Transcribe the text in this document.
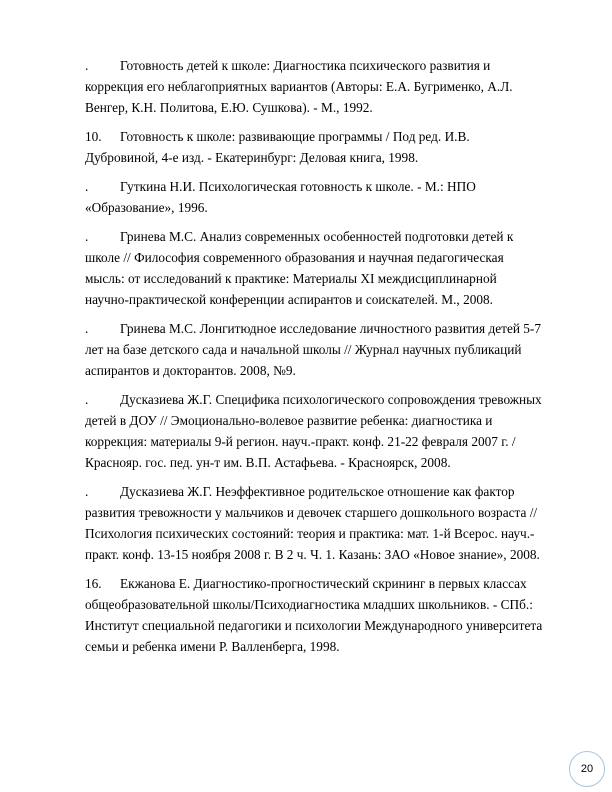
.	Готовность детей к школе: Диагностика психического развития и
коррекция его неблагоприятных вариантов (Авторы: Е.А. Бугрименко, А.Л.
Венгер, К.Н. Политова, Е.Ю. Сушкова). - М., 1992.
10.	Готовность к школе: развивающие программы / Под ред. И.В.
Дубровиной, 4-е изд. - Екатеринбург: Деловая книга, 1998.
.	Гуткина Н.И. Психологическая готовность к школе. - М.: НПО
«Образование», 1996.
.	Гринева М.С. Анализ современных особенностей подготовки детей к
школе // Философия современного образования и научная педагогическая
мысль: от исследований к практике: Материалы XI междисциплинарной
научно-практической конференции аспирантов и соискателей. М., 2008.
.	Гринева М.С. Лонгитюдное исследование личностного развития детей 5-7
лет на базе детского сада и начальной школы // Журнал научных публикаций
аспирантов и докторантов. 2008, №9.
.	Дусказиева Ж.Г. Специфика психологического сопровождения тревожных
детей в ДОУ // Эмоционально-волевое развитие ребенка: диагностика и
коррекция: материалы 9-й регион. науч.-практ. конф. 21-22 февраля 2007 г. /
Краснояр. гос. пед. ун-т им. В.П. Астафьева. - Красноярск, 2008.
.	Дусказиева Ж.Г. Неэффективное родительское отношение как фактор
развития тревожности у мальчиков и девочек старшего дошкольного возраста //
Психология психических состояний: теория и практика: мат. 1-й Всерос. науч.-
практ. конф. 13-15 ноября 2008 г. В 2 ч. Ч. 1. Казань: ЗАО «Новое знание», 2008.
16.	Екжанова Е. Диагностико-прогностический скрининг в первых классах
общеобразовательной школы/Психодиагностика младших школьников. - СПб.:
Институт специальной педагогики и психологии Международного университета
семьи и ребенка имени Р. Валленберга, 1998.
20
